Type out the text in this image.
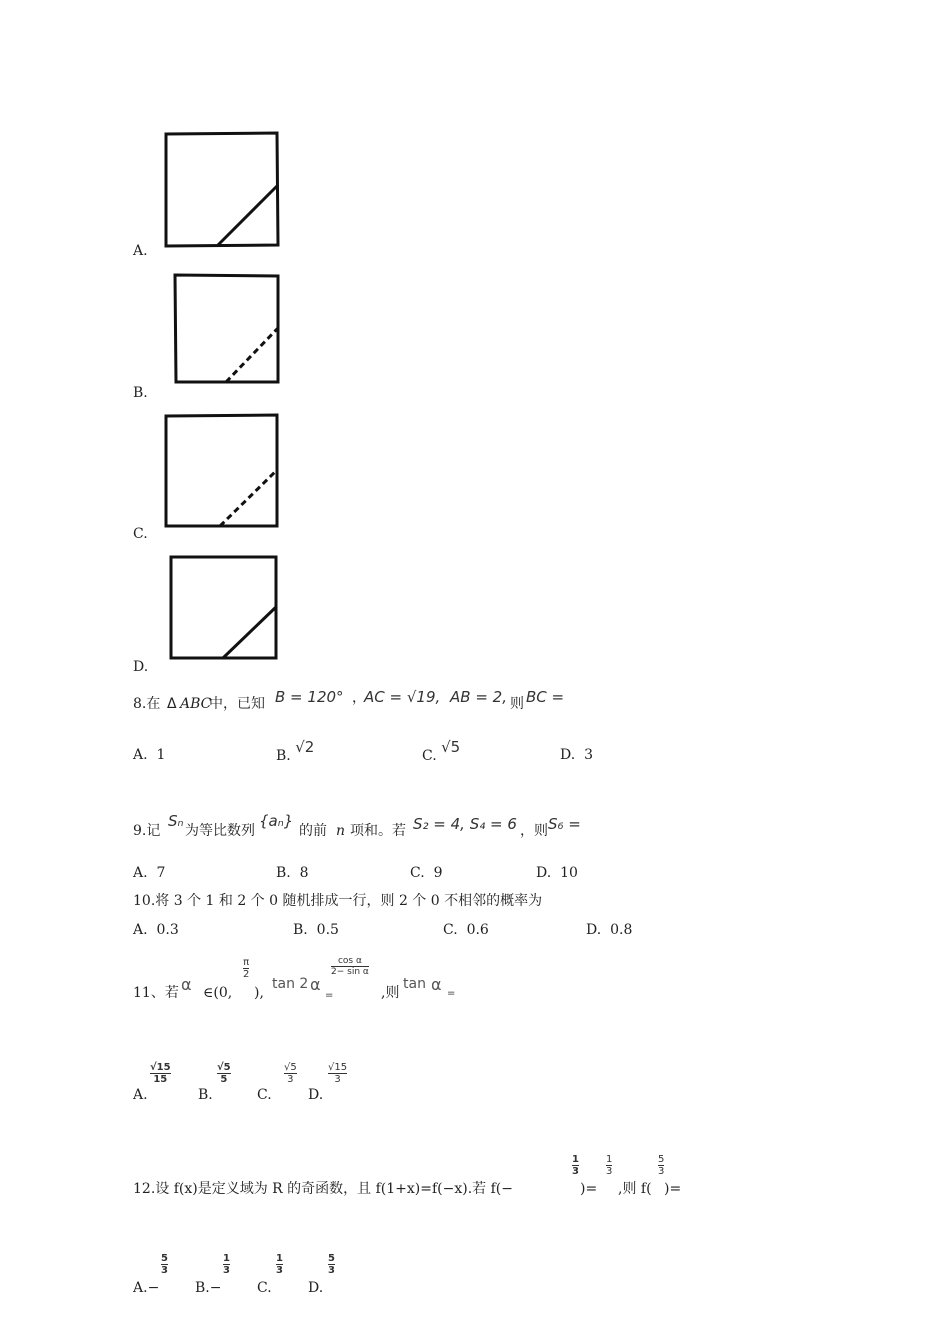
A.
B.
C.
D.
8.在 Δ ABC
中，已知 B = 120° ，
AC = √19, AB = 2, 则 BC =
A. 1	B. √2	C. √5	D. 3
9.记
Sₙ
为等比数列
{aₙ}
的前 n 项和。若 S₂ = 4, S₄ = 6 ，则 S₆ =
A. 7	B. 8	C. 9	D. 10
10.将 3 个 1 和 2 个 0 随机排成一行，则 2 个 0 不相邻的概率为
A. 0.3	B. 0.5	C. 0.6	D. 0.8
11、若 α ∈(0,
π
2
),
tan 2 α
=
cos α
2− sin α
,则
tan α =
A.
√15
15
B.
√5
5
C.
√5
3
D.
√15
3
12.设 f(x)是定义域为 R 的奇函数，且 f(1+x)=f(−x).若 f(−
1
3
)=
1
3
,则 f(
5
3
)=
A.−
5
3
B.−
1
3
C.
1
3
D.
5
3
